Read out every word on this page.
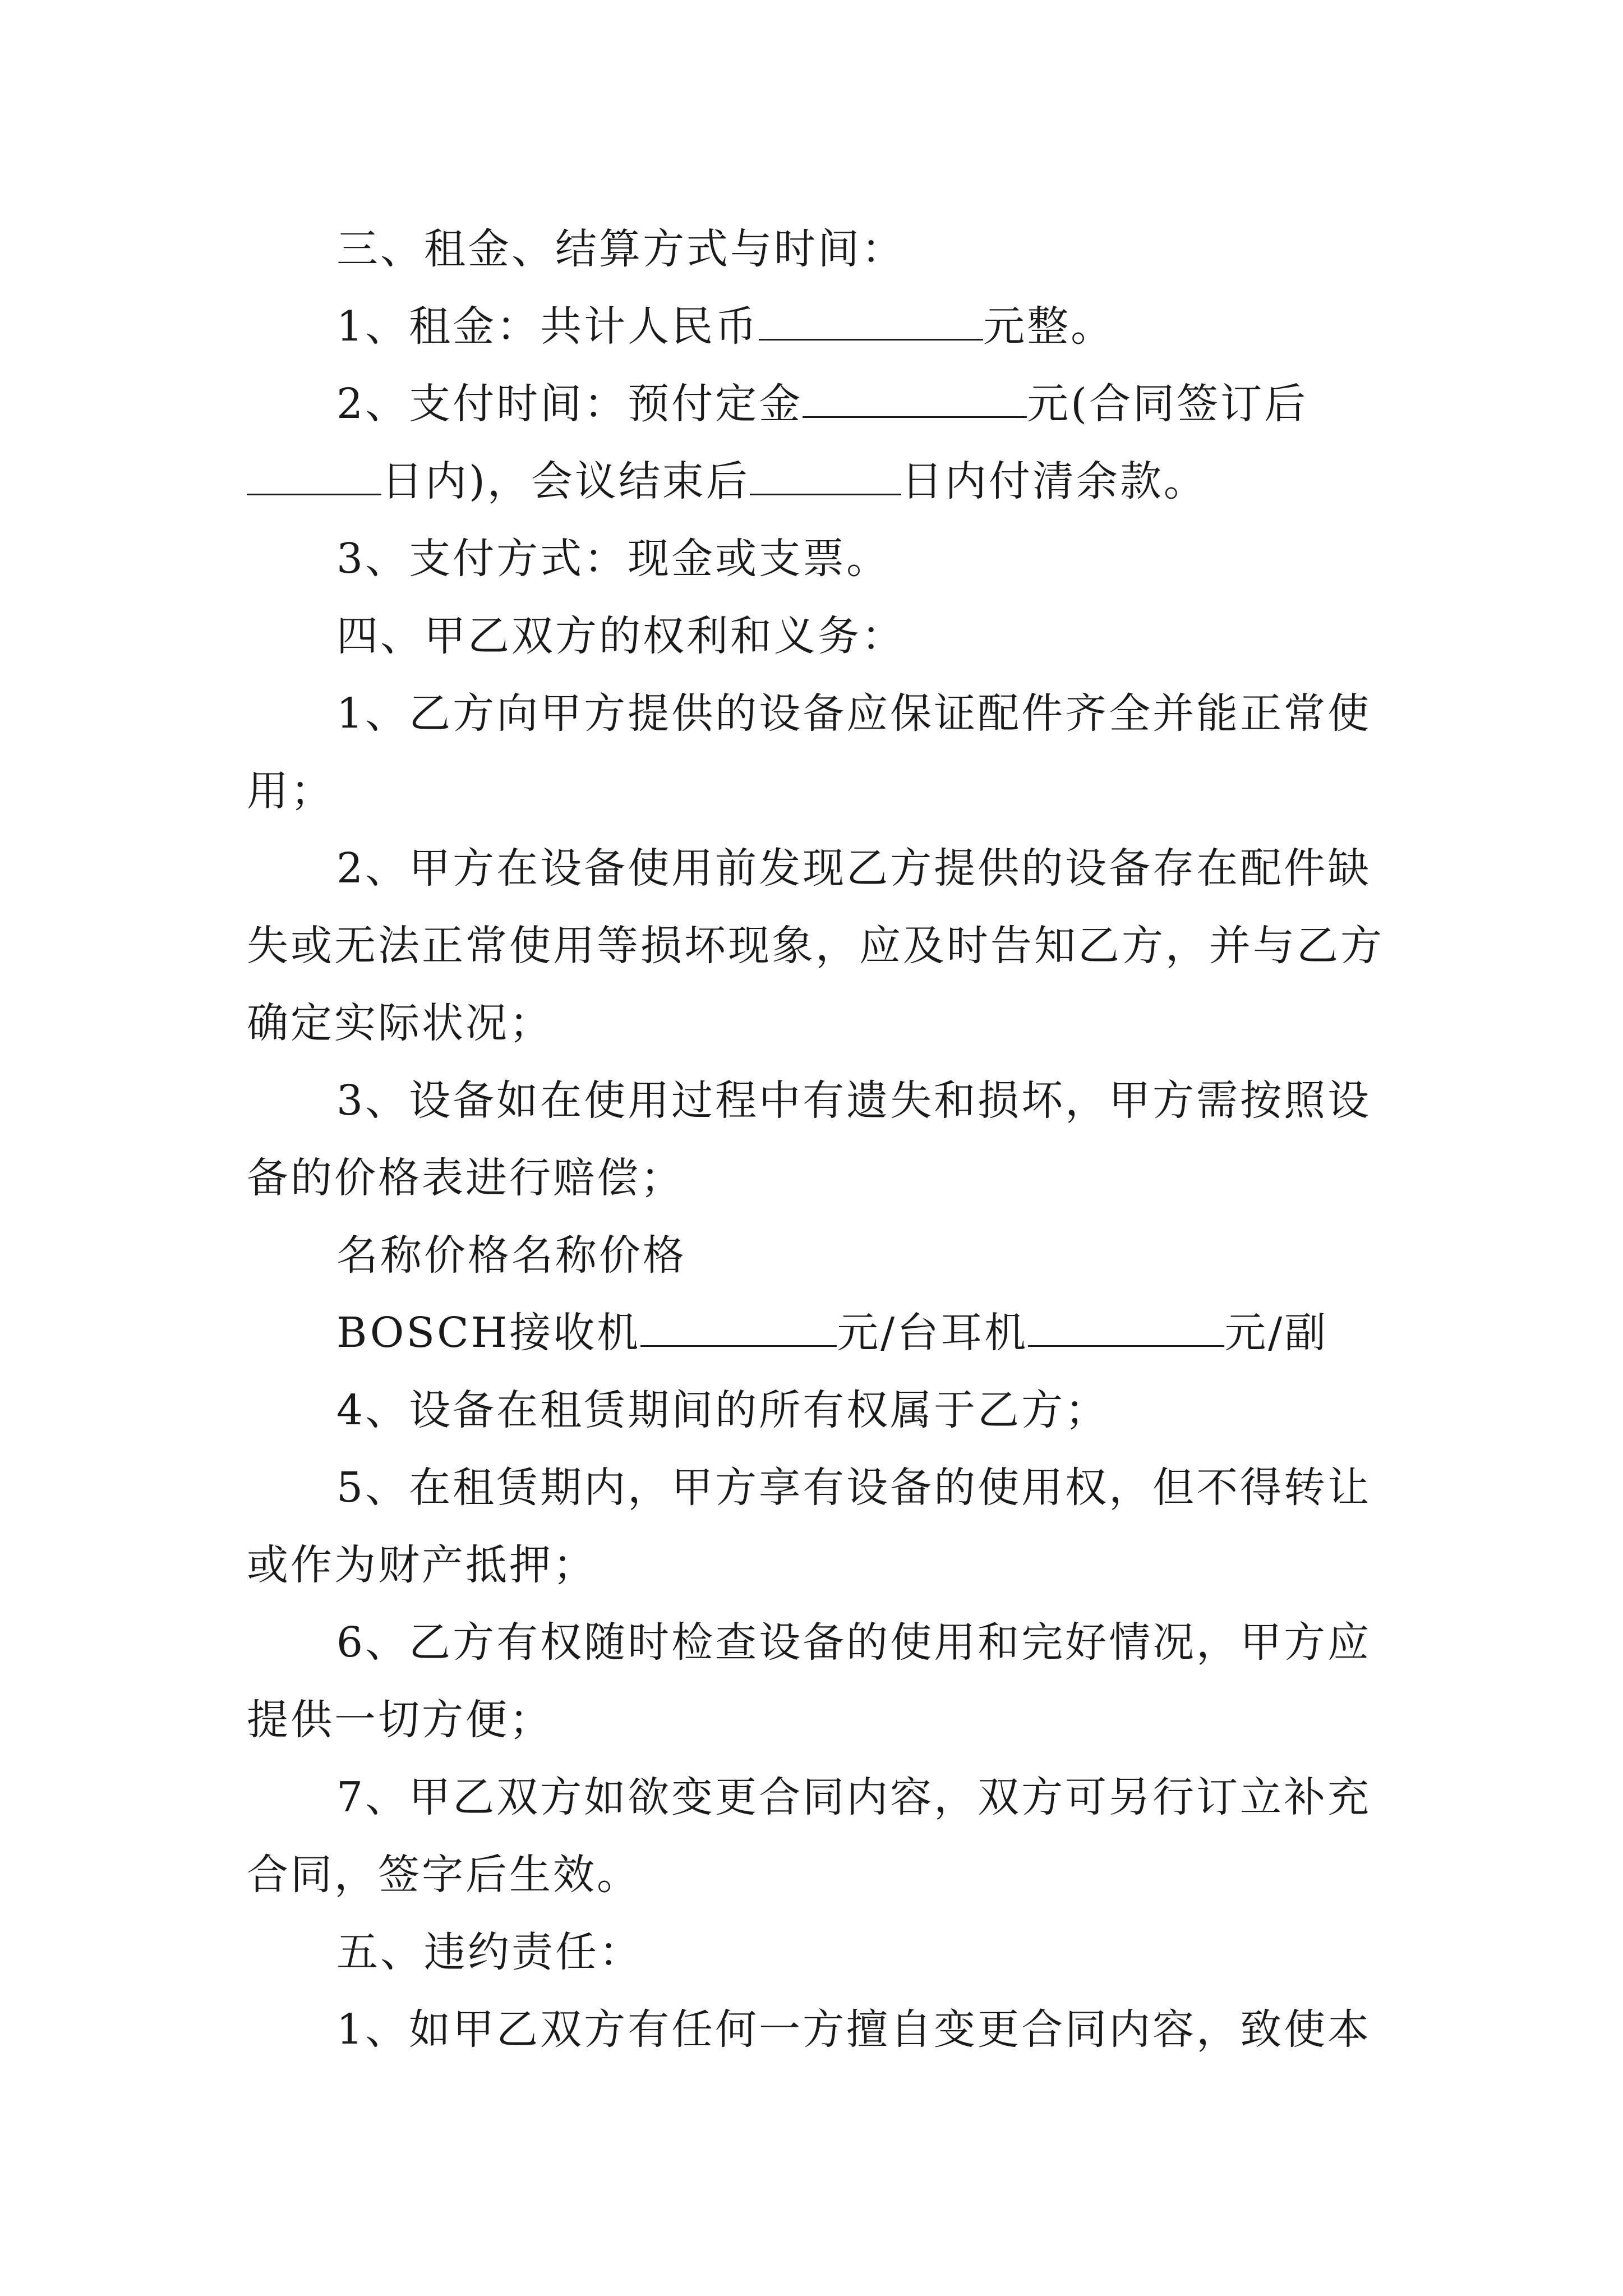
三、租金、结算方式与时间：

1、租金：共计人民币	元整。

2、支付时间：预付定金	元(合同签订后日内)，会议结束后	日内付清余款。

3、支付方式：现金或支票。

四、甲乙双方的权利和义务：

1、乙方向甲方提供的设备应保证配件齐全并能正常使用；

2、甲方在设备使用前发现乙方提供的设备存在配件缺失或无法正常使用等损坏现象，应及时告知乙方，并与乙方确定实际状况；

3、设备如在使用过程中有遗失和损坏，甲方需按照设备的价格表进行赔偿；

名称价格名称价格

BOSCH接收机	元/台耳机	元/副

4、设备在租赁期间的所有权属于乙方；

5、在租赁期内，甲方享有设备的使用权，但不得转让或作为财产抵押；

6、乙方有权随时检查设备的使用和完好情况，甲方应提供一切方便；

7、甲乙双方如欲变更合同内容，双方可另行订立补充合同，签字后生效。

五、违约责任：

1、如甲乙双方有任何一方擅自变更合同内容，致使本
